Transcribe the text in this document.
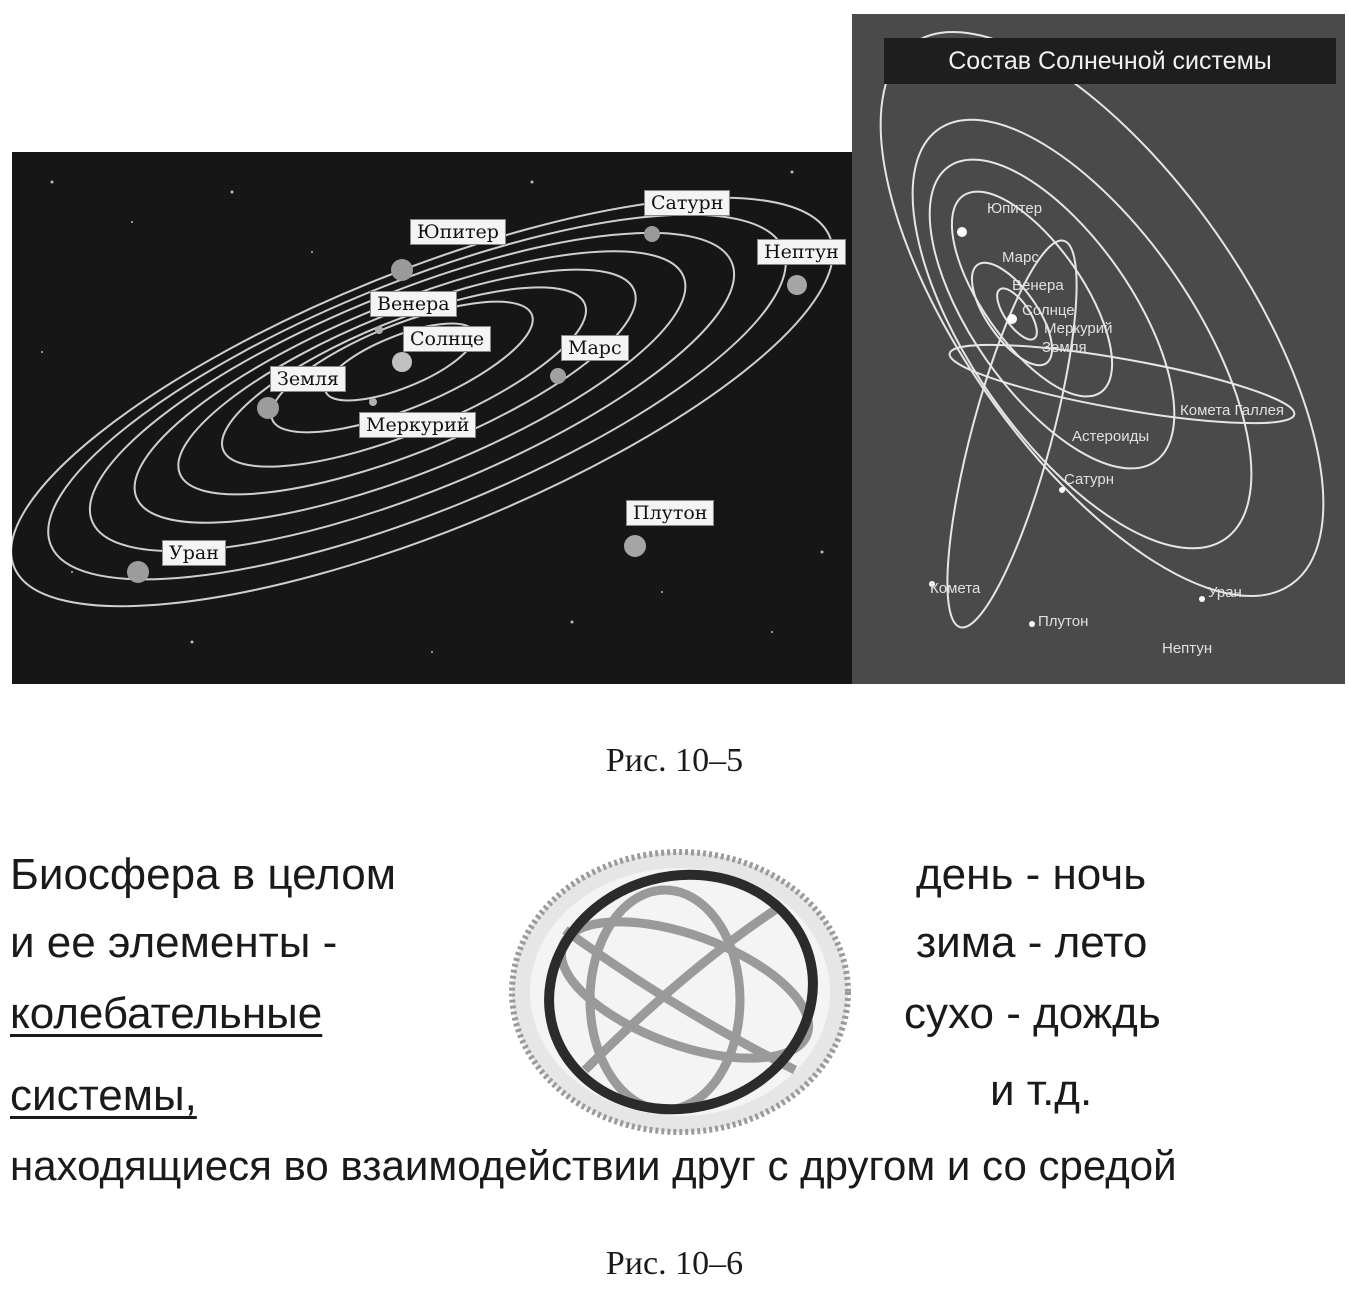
Юпитер
Сатурн
Нептун
Венера
Солнце	Марс
Земля
Меркурий
Плутон
Уран
Состав Солнечной системы
Юпитер
Марс
Венера
Солнце
Меркурий
Земля
Комета Галлея
Астероиды
Сатурн
Комета	Уран
Плутон
Нептун
Рис. 10–5
Биосфера в целом
и ее элементы -
колебательные
системы,
день - ночь
зима - лето
сухо - дождь
и т.д.
находящиеся во взаимодействии друг с другом и со средой
Рис. 10–6
